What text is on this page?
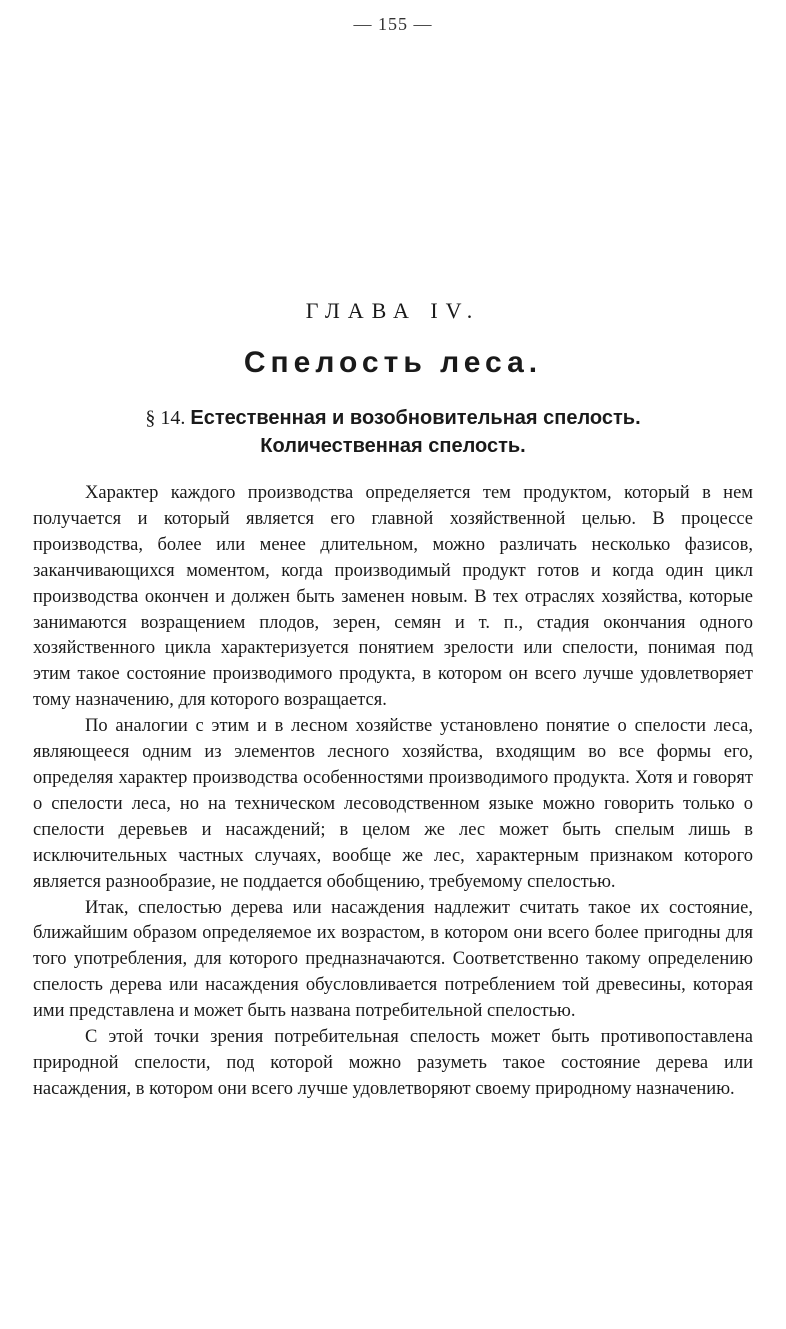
— 155 —
ГЛАВА IV.
Спелость леса.
§ 14. Естественная и возобновительная спелость.
Количественная спелость.

Характер каждого производства определяется тем продуктом, который в нем получается и который является его главной хозяйственной целью. В процессе производства, более или менее длительном, можно различать несколько фазисов, заканчивающихся моментом, когда производимый продукт готов и когда один цикл производства окончен и должен быть заменен новым. В тех отраслях хозяйства, которые занимаются возращением плодов, зерен, семян и т. п., стадия окончания одного хозяйственного цикла характеризуется понятием зрелости или спелости, понимая под этим такое состояние производимого продукта, в котором он всего лучше удовлетворяет тому назначению, для которого возращается.

По аналогии с этим и в лесном хозяйстве установлено понятие о спелости леса, являющееся одним из элементов лесного хозяйства, входящим во все формы его, определяя характер производства особенностями производимого продукта. Хотя и говорят о спелости леса, но на техническом лесоводственном языке можно говорить только о спелости деревьев и насаждений; в целом же лес может быть спелым лишь в исключительных частных случаях, вообще же лес, характерным признаком которого является разнообразие, не поддается обобщению, требуемому спелостью.

Итак, спелостью дерева или насаждения надлежит считать такое их состояние, ближайшим образом определяемое их возрастом, в котором они всего более пригодны для того употребления, для которого предназначаются. Соответственно такому определению спелость дерева или насаждения обусловливается потреблением той древесины, которая ими представлена и может быть названа потребительной спелостью.

С этой точки зрения потребительная спелость может быть противопоставлена природной спелости, под которой можно разуметь такое состояние дерева или насаждения, в котором они всего лучше удовлетворяют своему природному назначению.
